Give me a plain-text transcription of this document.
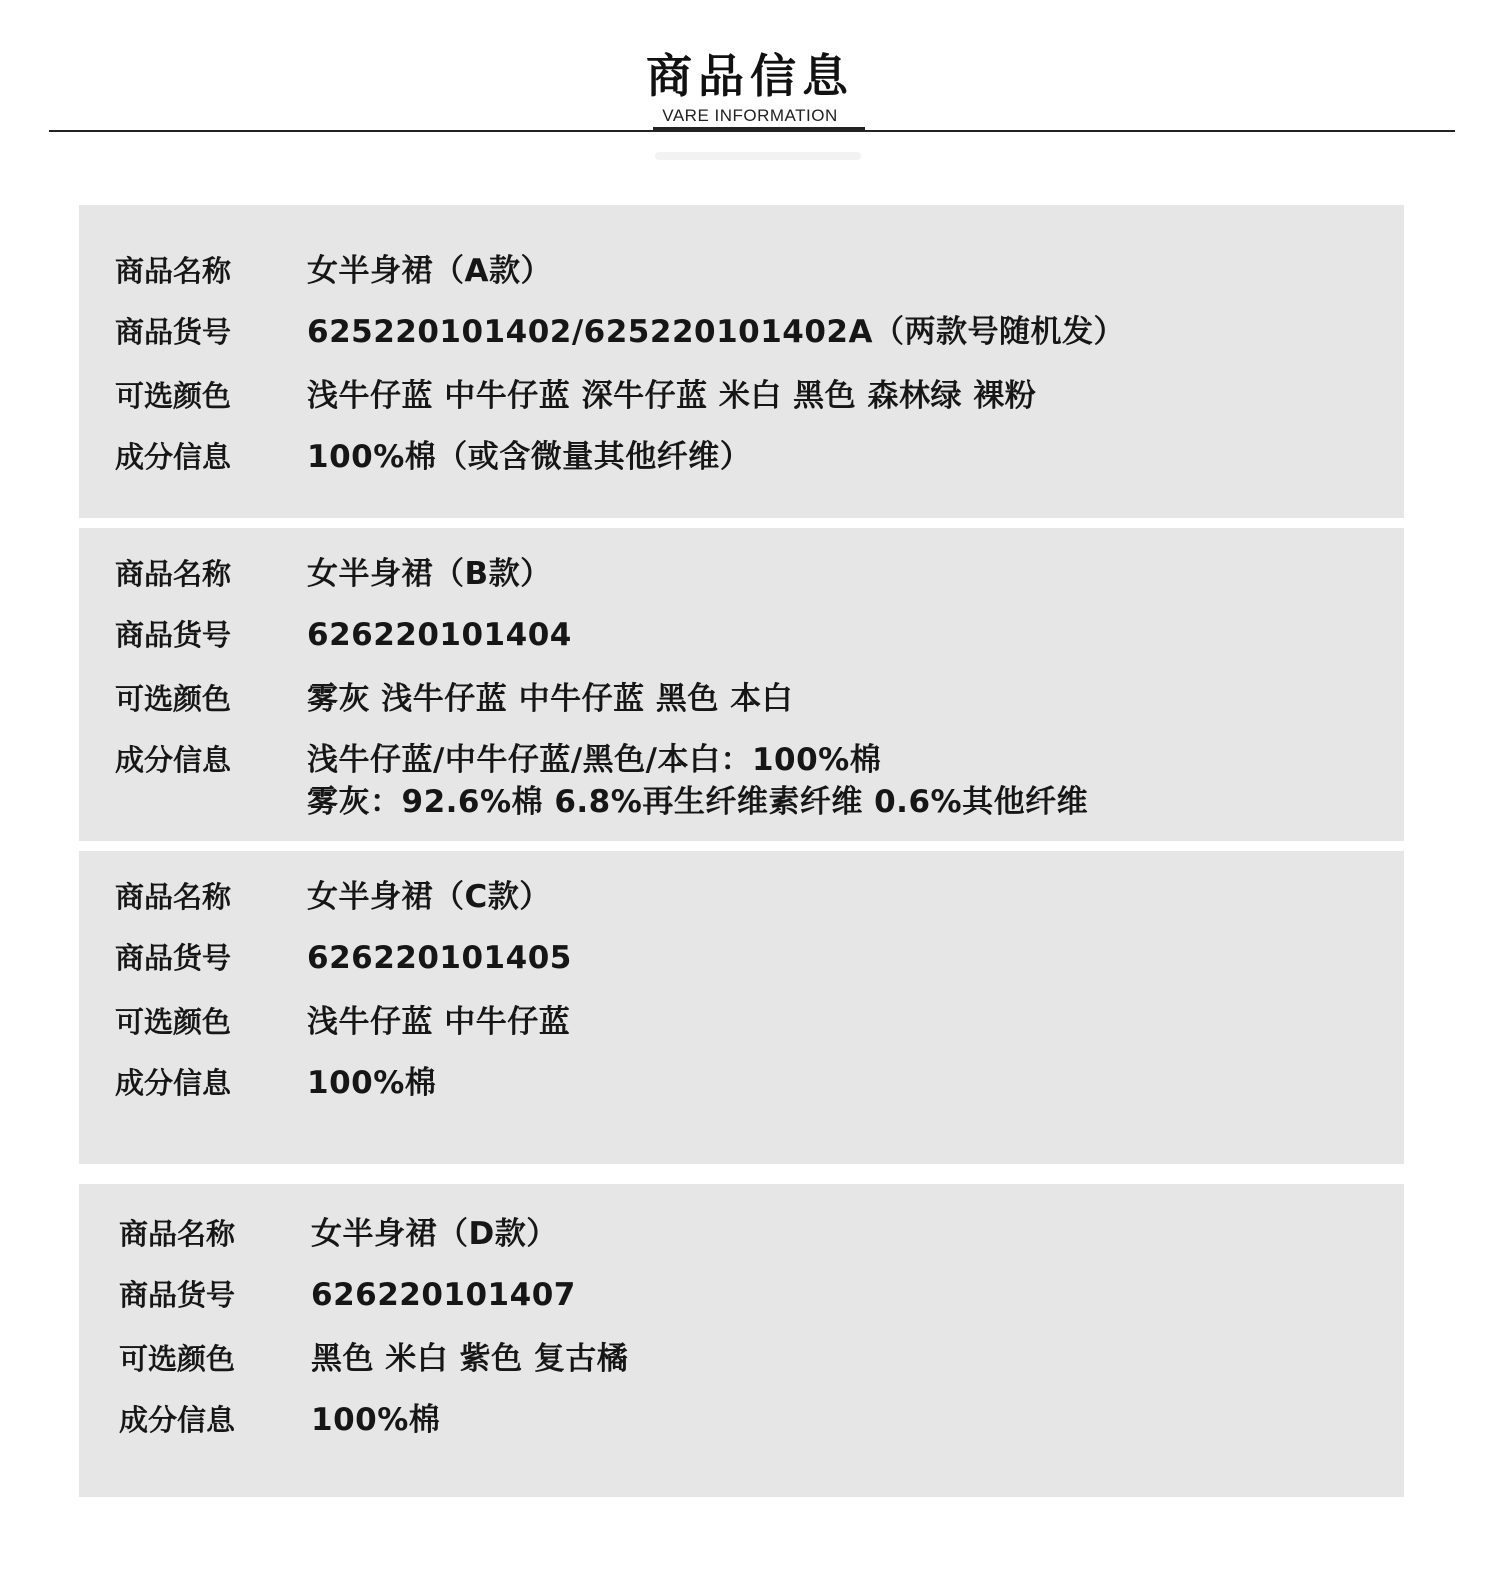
商品信息
VARE INFORMATION
商品名称	女半身裙（A款）
商品货号	625220101402/625220101402A（两款号随机发）
可选颜色	浅牛仔蓝 中牛仔蓝 深牛仔蓝 米白 黑色 森林绿 裸粉
成分信息	100%棉（或含微量其他纤维）
商品名称	女半身裙（B款）
商品货号	626220101404
可选颜色	雾灰 浅牛仔蓝 中牛仔蓝 黑色 本白
成分信息	浅牛仔蓝/中牛仔蓝/黑色/本白：100%棉
雾灰：92.6%棉 6.8%再生纤维素纤维 0.6%其他纤维
商品名称	女半身裙（C款）
商品货号	626220101405
可选颜色	浅牛仔蓝 中牛仔蓝
成分信息	100%棉
商品名称	女半身裙（D款）
商品货号	626220101407
可选颜色	黑色 米白 紫色 复古橘
成分信息	100%棉
